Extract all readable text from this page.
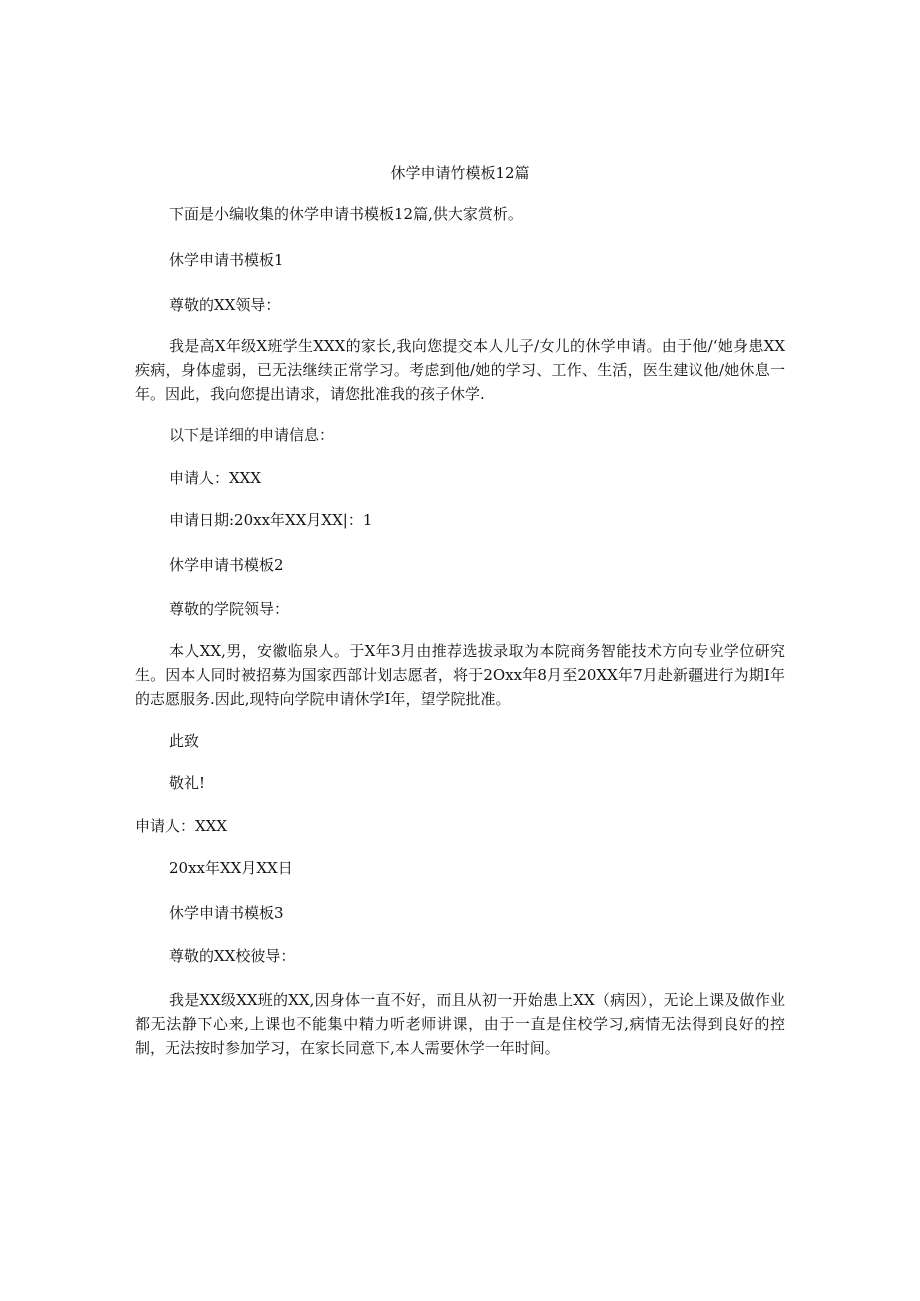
休学申请竹模板12篇
下面是小编收集的休学申请书模板12篇,供大家赏析。
休学申请书模板1
尊敬的XX领导：
我是高X年级X班学生XXX的家长,我向您提交本人儿子/女儿的休学申请。由于他/‘她身患XX疾病，身体虚弱，已无法继续正常学习。考虑到他/她的学习、工作、生活，医生建议他/她休息一年。因此，我向您提出请求，请您批准我的孩子休学.
以下是详细的申请信息：
申请人：XXX
申请日期:20xx年XX月XX|：1
休学申请书模板2
尊敬的学院领导：
本人XX,男，安徽临泉人。于X年3月由推荐选拔录取为本院商务智能技术方向专业学位研究生。因本人同时被招募为国家西部计划志愿者，将于2Oxx年8月至20XX年7月赴新疆进行为期I年的志愿服务.因此,现特向学院申请休学I年，望学院批准。
此致
敬礼!
申请人：XXX
20xx年XX月XX日
休学申请书模板3
尊敬的XX校彼导：
我是XX级XX班的XX,因身体一直不好，而且从初一开始患上XX（病因），无论上课及做作业都无法静下心来,上课也不能集中精力听老师讲课，由于一直是住校学习,病情无法得到良好的控制，无法按时参加学习，在家长同意下,本人需要休学一年时间。
